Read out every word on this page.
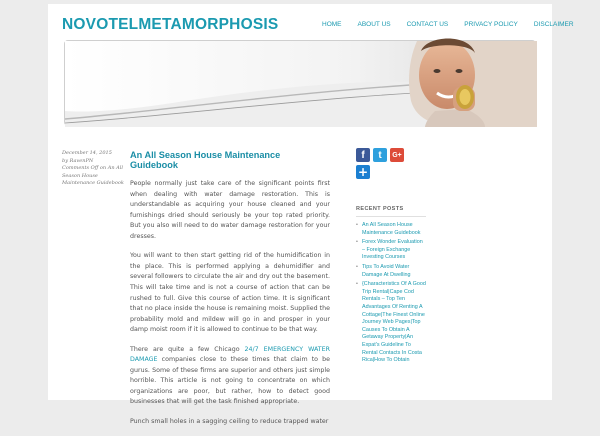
NOVOTELMETAMORPHOSIS	HOME ABOUT US CONTACT US PRIVACY POLICY DISCLAIMER
December 14, 2015
by RavenPN
Comments Off on An All Season House Maintenance Guidebook
An All Season House Maintenance Guidebook

People normally just take care of the significant points first when dealing with water damage restoration. This is understandable as acquiring your house cleaned and your furnishings dried should seriously be your top rated priority. But you also will need to do water damage restoration for your dresses.

You will want to then start getting rid of the humidification in the place. This is performed applying a dehumidifier and several followers to circulate the air and dry out the basement. This will take time and is not a course of action that can be rushed to full. Give this course of action time. It is significant that no place inside the house is remaining moist. Supplied the probability mold and mildew will go in and prosper in your damp moist room if it is allowed to continue to be that way.

There are quite a few Chicago 24/7 EMERGENCY WATER DAMAGE companies close to these times that claim to be gurus. Some of these firms are superior and others just simple horrible. This article is not going to concentrate on which organizations are poor, but rather, how to detect good businesses that will get the task finished appropriate.

Punch small holes in a sagging ceiling to reduce trapped water

f	t	G+
+
RECENT POSTS
• An All Season House Maintenance Guidebook
• Forex Wonder Evaluation – Foreign Exchange Investing Courses
• Tips To Avoid Water Damage At Dwelling
• {Characteristics Of A Good Trip Rental|Cape Cod Rentals – Top Ten Advantages Of Renting A Cottage|The Finest Online Journey Web Pages|Top Causes To Obtain A Getaway Property|An Expat's Guideline To Rental Contacts In Costa Rica|How To Obtain
